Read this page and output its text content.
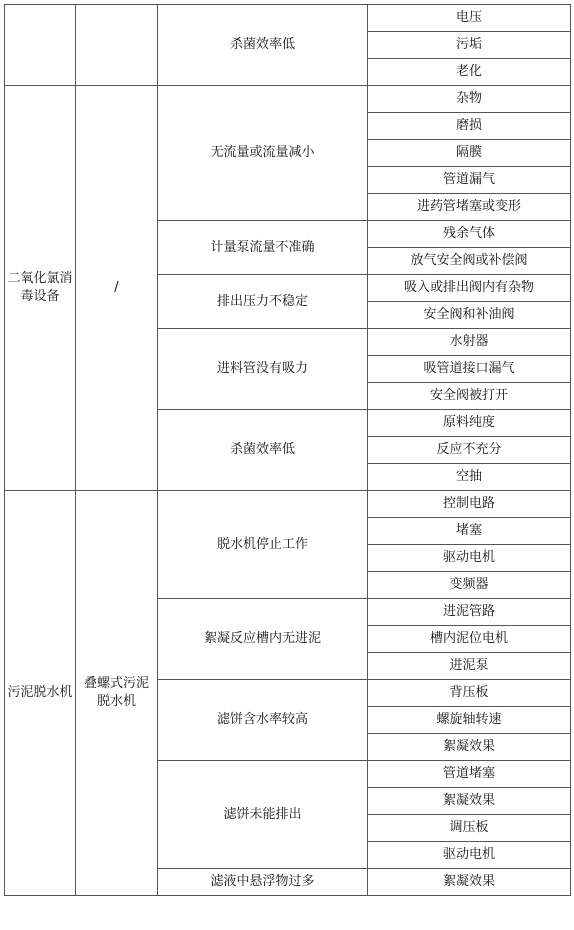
		杀菌效率低	电压
			污垢
			老化
二氧化氯消毒设备	/	无流量或流量减小	杂物
			磨损
			隔膜
			管道漏气
			进药管堵塞或变形
		计量泵流量不准确	残余气体
			放气安全阀或补偿阀
		排出压力不稳定	吸入或排出阀内有杂物
			安全阀和补油阀
		进料管没有吸力	水射器
			吸管道接口漏气
			安全阀被打开
		杀菌效率低	原料纯度
			反应不充分
			空抽
污泥脱水机	叠螺式污泥脱水机	脱水机停止工作	控制电路
			堵塞
			驱动电机
			变频器
		絮凝反应槽内无进泥	进泥管路
			槽内泥位电机
			进泥泵
		滤饼含水率较高	背压板
			螺旋轴转速
			絮凝效果
		滤饼未能排出	管道堵塞
			絮凝效果
			调压板
			驱动电机
		滤液中悬浮物过多	絮凝效果
